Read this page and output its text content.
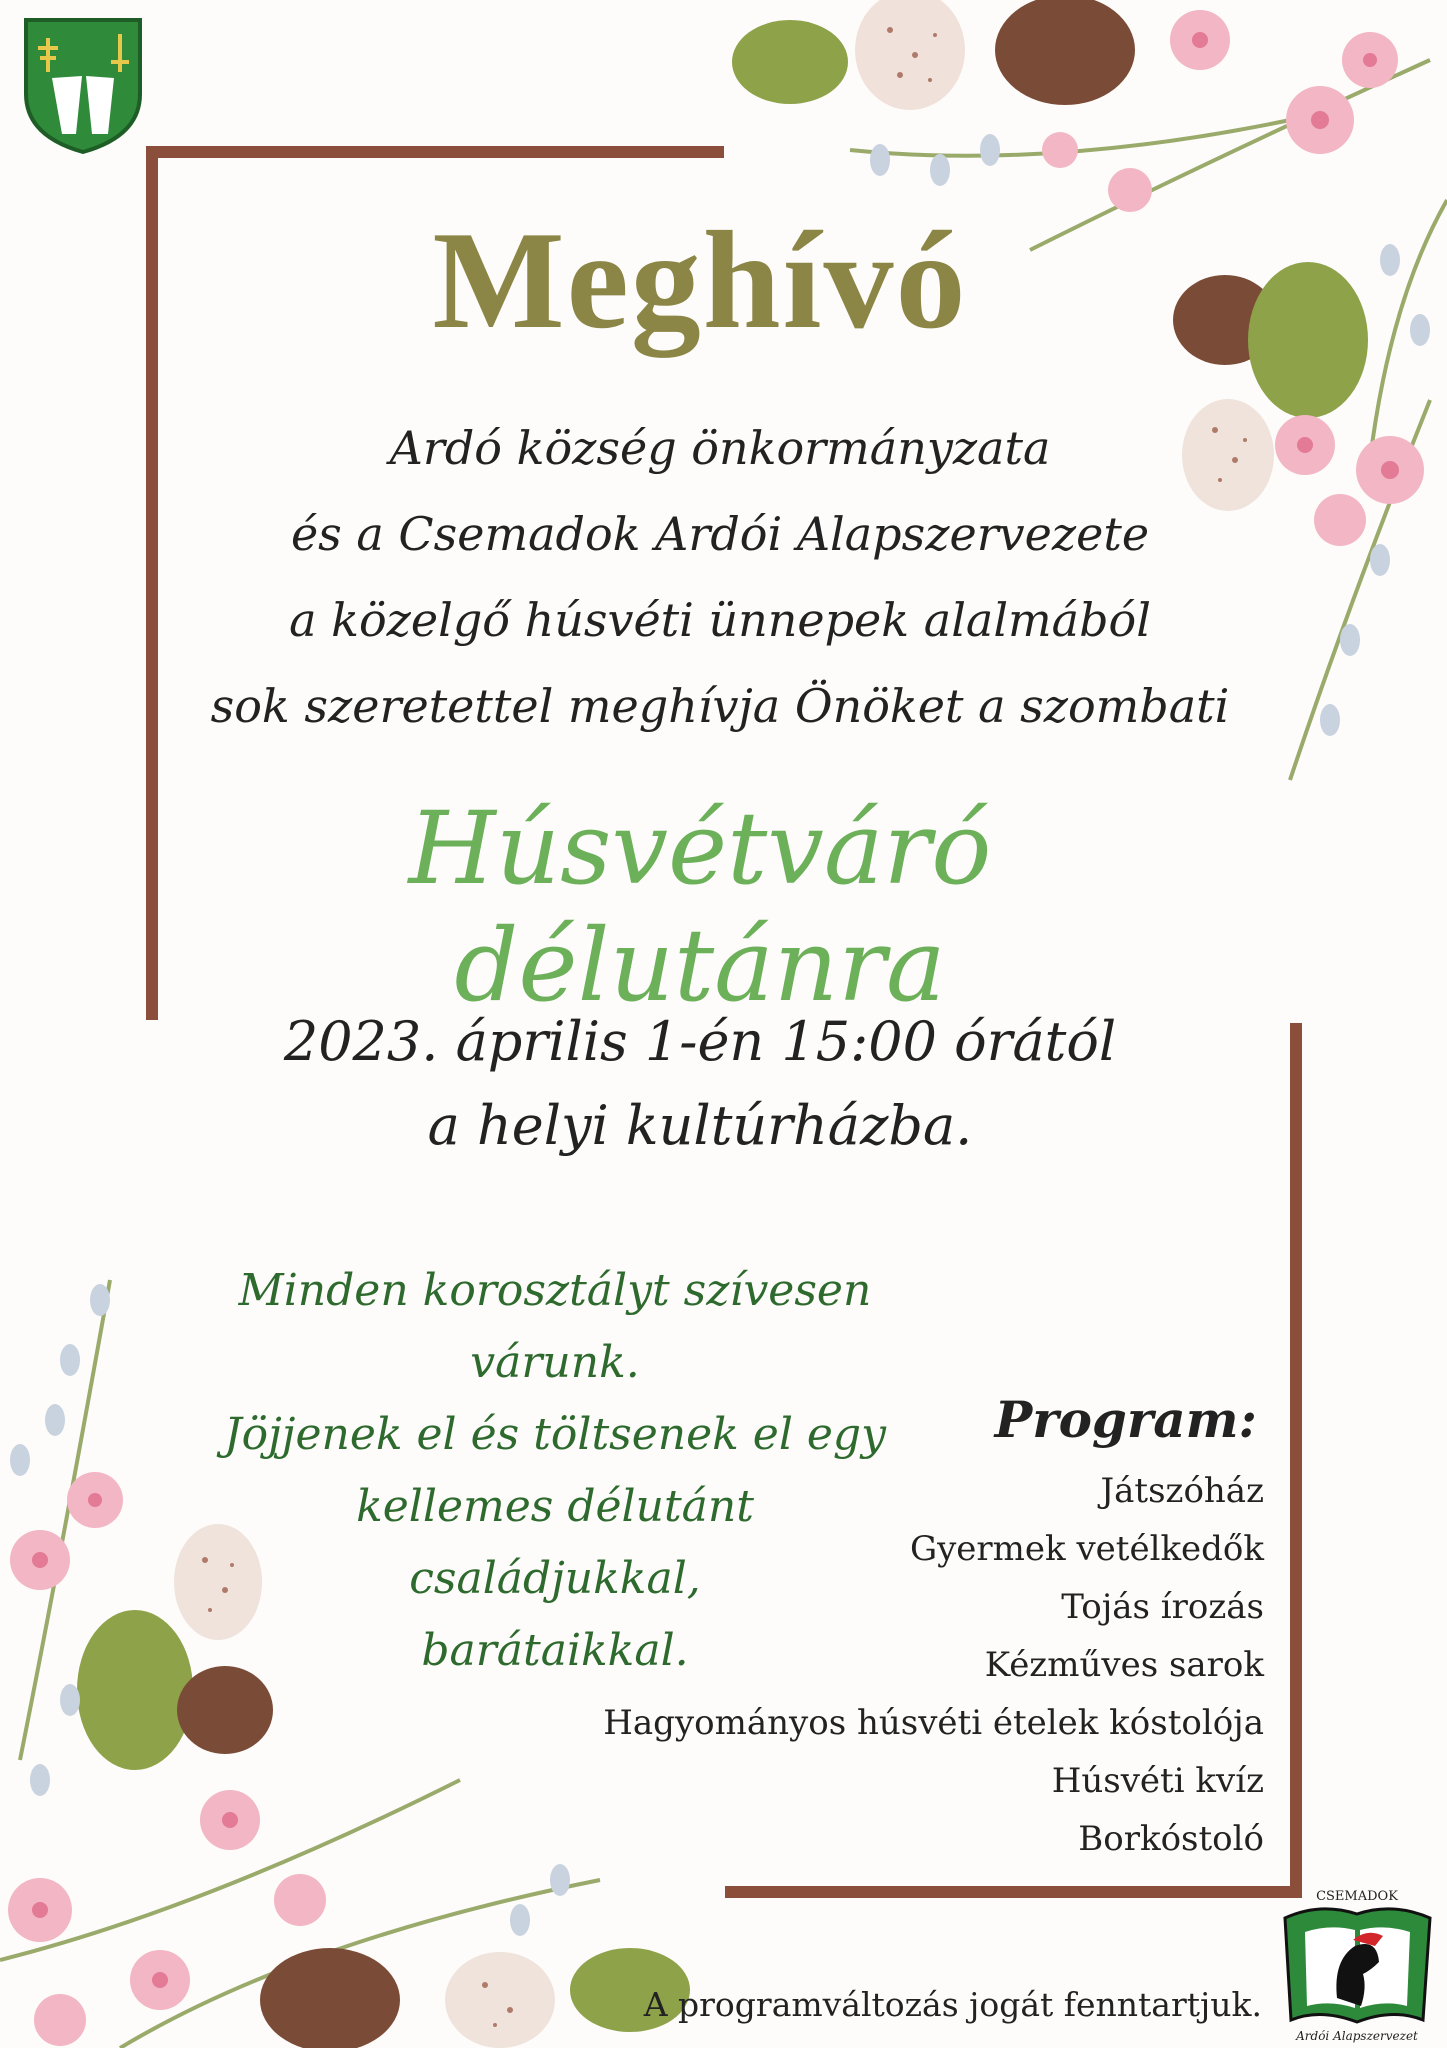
Meghívó
Ardó község önkormányzata
és a Csemadok Ardói Alapszervezete
a közelgő húsvéti ünnepek alalmából
sok szeretettel meghívja Önöket a szombati
Húsvétváró délutánra
2023. április 1-én 15:00 órától
a helyi kultúrházba.
Minden korosztályt szívesen
várunk.
Jöjjenek el és töltsenek el egy
kellemes délutánt családjukkal,
barátaikkal.
Program:
Játszóház
Gyermek vetélkedők
Tojás írozás
Kézműves sarok
Hagyományos húsvéti ételek kóstolója
Húsvéti kvíz
Borkóstoló
A programváltozás jogát fenntartjuk.
CSEMADOK
Ardói Alapszervezet
